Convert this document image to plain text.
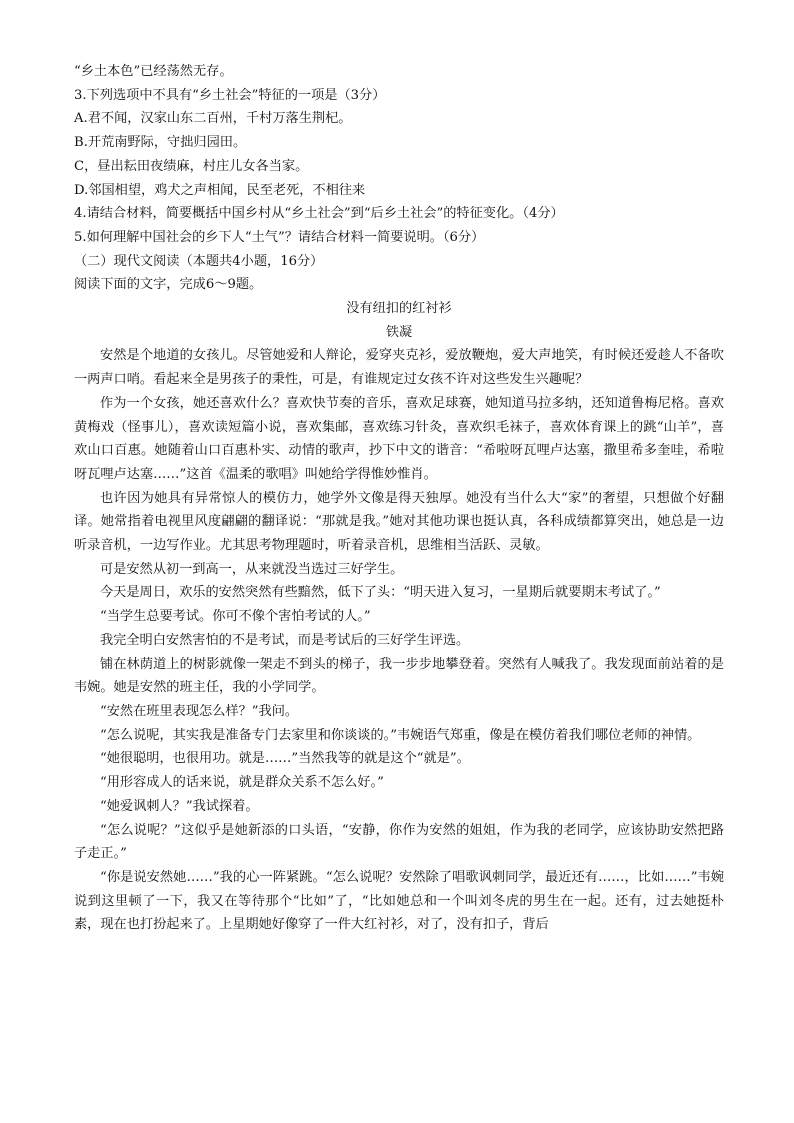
“乡土本色”已经荡然无存。
3.下列选项中不具有“乡土社会”特征的一项是（3分）
A.君不闻，汉家山东二百州，千村万落生荆杞。
B.开荒南野际，守拙归园田。
C，昼出耘田夜绩麻，村庄儿女各当家。
D.邻国相望，鸡犬之声相闻，民至老死，不相往来
4.请结合材料，简要概括中国乡村从“乡土社会”到“后乡土社会”的特征变化。（4分）
5.如何理解中国社会的乡下人“土气”？请结合材料一简要说明。（6分）
（二）现代文阅读（本题共4小题，16分）
阅读下面的文字，完成6～9题。
没有纽扣的红衬衫
铁凝
安然是个地道的女孩儿。尽管她爱和人辩论，爱穿夹克衫，爱放鞭炮，爱大声地笑，有时候还爱趁人不备吹一两声口哨。看起来全是男孩子的秉性，可是，有谁规定过女孩不许对这些发生兴趣呢？
作为一个女孩，她还喜欢什么？喜欢快节奏的音乐，喜欢足球赛，她知道马拉多纳，还知道鲁梅尼格。喜欢黄梅戏（怪事儿），喜欢读短篇小说，喜欢集邮，喜欢练习针灸，喜欢织毛袜子，喜欢体育课上的跳“山羊”，喜欢山口百惠。她随着山口百惠朴实、动情的歌声，抄下中文的谐音：“希啦呀瓦哩卢达塞，撒里希多奎哇，希啦呀瓦哩卢达塞……”这首《温柔的歌唱》叫她给学得惟妙惟肖。
也许因为她具有异常惊人的模仿力，她学外文像是得天独厚。她没有当什么大“家”的奢望，只想做个好翻译。她常指着电视里风度翩翩的翻译说：“那就是我。”她对其他功课也挺认真，各科成绩都算突出，她总是一边听录音机，一边写作业。尤其思考物理题时，听着录音机，思维相当活跃、灵敏。
可是安然从初一到高一，从来就没当选过三好学生。
今天是周日，欢乐的安然突然有些黯然，低下了头：“明天进入复习，一星期后就要期末考试了。”
“当学生总要考试。你可不像个害怕考试的人。”
我完全明白安然害怕的不是考试，而是考试后的三好学生评选。
铺在林荫道上的树影就像一架走不到头的梯子，我一步步地攀登着。突然有人喊我了。我发现面前站着的是韦婉。她是安然的班主任，我的小学同学。
“安然在班里表现怎么样？”我问。
“怎么说呢，其实我是准备专门去家里和你谈谈的。”韦婉语气郑重，像是在模仿着我们哪位老师的神情。
“她很聪明，也很用功。就是……”当然我等的就是这个“就是”。
“用形容成人的话来说，就是群众关系不怎么好。”
“她爱讽刺人？”我试探着。
“怎么说呢？”这似乎是她新添的口头语，“安静，你作为安然的姐姐，作为我的老同学，应该协助安然把路子走正。”
“你是说安然她……”我的心一阵紧跳。“怎么说呢？安然除了唱歌讽刺同学，最近还有……，比如……”韦婉说到这里顿了一下，我又在等待那个“比如”了，“比如她总和一个叫刘冬虎的男生在一起。还有，过去她挺朴素，现在也打扮起来了。上星期她好像穿了一件大红衬衫，对了，没有扣子，背后
